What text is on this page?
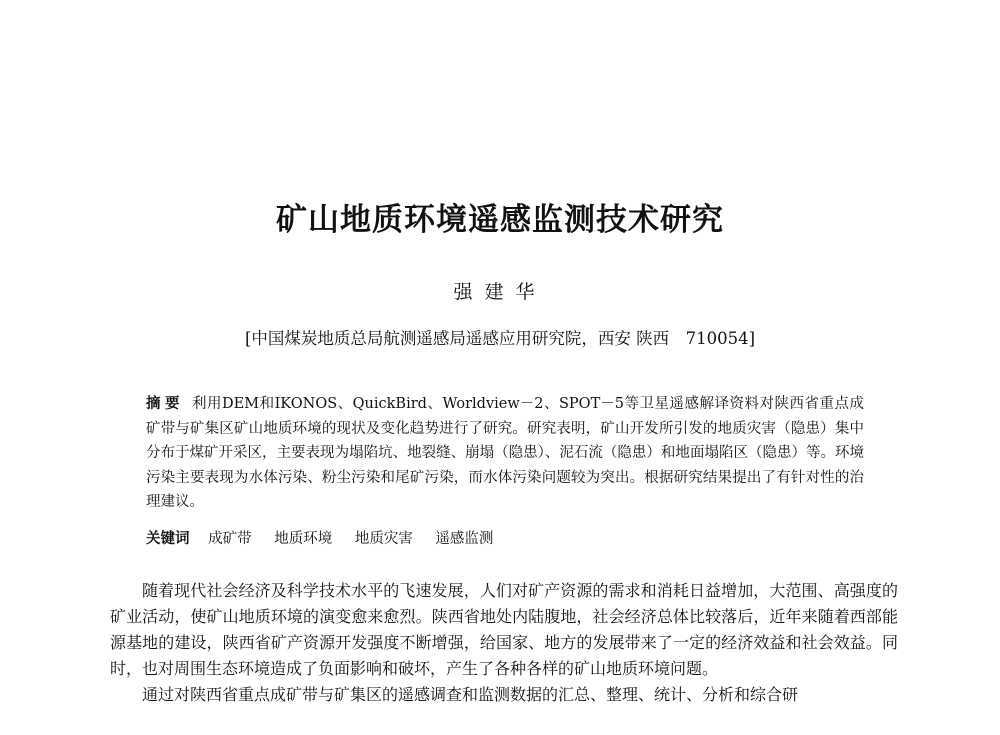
矿山地质环境遥感监测技术研究
强建华
[中国煤炭地质总局航测遥感局遥感应用研究院，西安 陕西　710054]
摘要 利用DEM和IKONOS、QuickBird、Worldview－2、SPOT－5等卫星遥感解译资料对陕西省重点成矿带与矿集区矿山地质环境的现状及变化趋势进行了研究。研究表明，矿山开发所引发的地质灾害（隐患）集中分布于煤矿开采区，主要表现为塌陷坑、地裂缝、崩塌（隐患）、泥石流（隐患）和地面塌陷区（隐患）等。环境污染主要表现为水体污染、粉尘污染和尾矿污染，而水体污染问题较为突出。根据研究结果提出了有针对性的治理建议。
关键词 成矿带 地质环境 地质灾害 遥感监测

随着现代社会经济及科学技术水平的飞速发展，人们对矿产资源的需求和消耗日益增加，大范围、高强度的矿业活动，使矿山地质环境的演变愈来愈烈。陕西省地处内陆腹地，社会经济总体比较落后，近年来随着西部能源基地的建设，陕西省矿产资源开发强度不断增强，给国家、地方的发展带来了一定的经济效益和社会效益。同时，也对周围生态环境造成了负面影响和破坏，产生了各种各样的矿山地质环境问题。

通过对陕西省重点成矿带与矿集区的遥感调查和监测数据的汇总、整理、统计、分析和综合研
